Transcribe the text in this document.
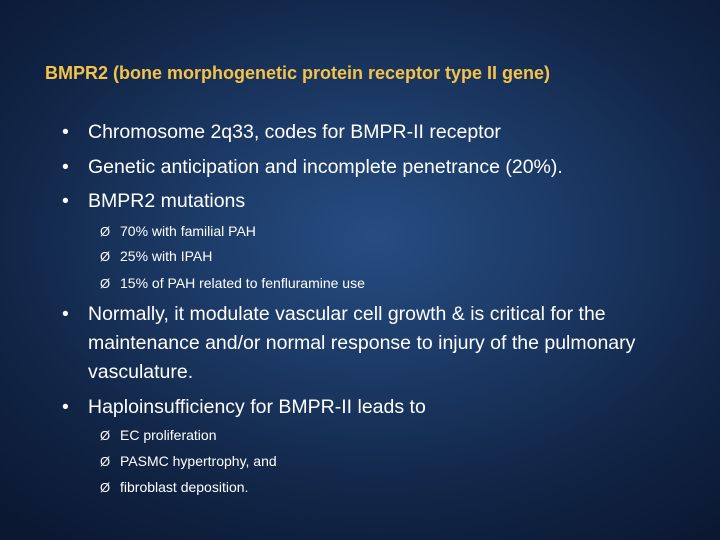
BMPR2 (bone morphogenetic protein receptor type II gene)
• Chromosome 2q33, codes for BMPR-II receptor
• Genetic anticipation and incomplete penetrance (20%).
• BMPR2 mutations
Ø 70% with familial PAH
Ø 25% with IPAH
Ø 15% of PAH related to fenfluramine use
• Normally, it modulate vascular cell growth & is critical for the maintenance and/or normal response to injury of the pulmonary vasculature.
• Haploinsufficiency for BMPR-II leads to
Ø EC proliferation
Ø PASMC hypertrophy, and
Ø fibroblast deposition.
